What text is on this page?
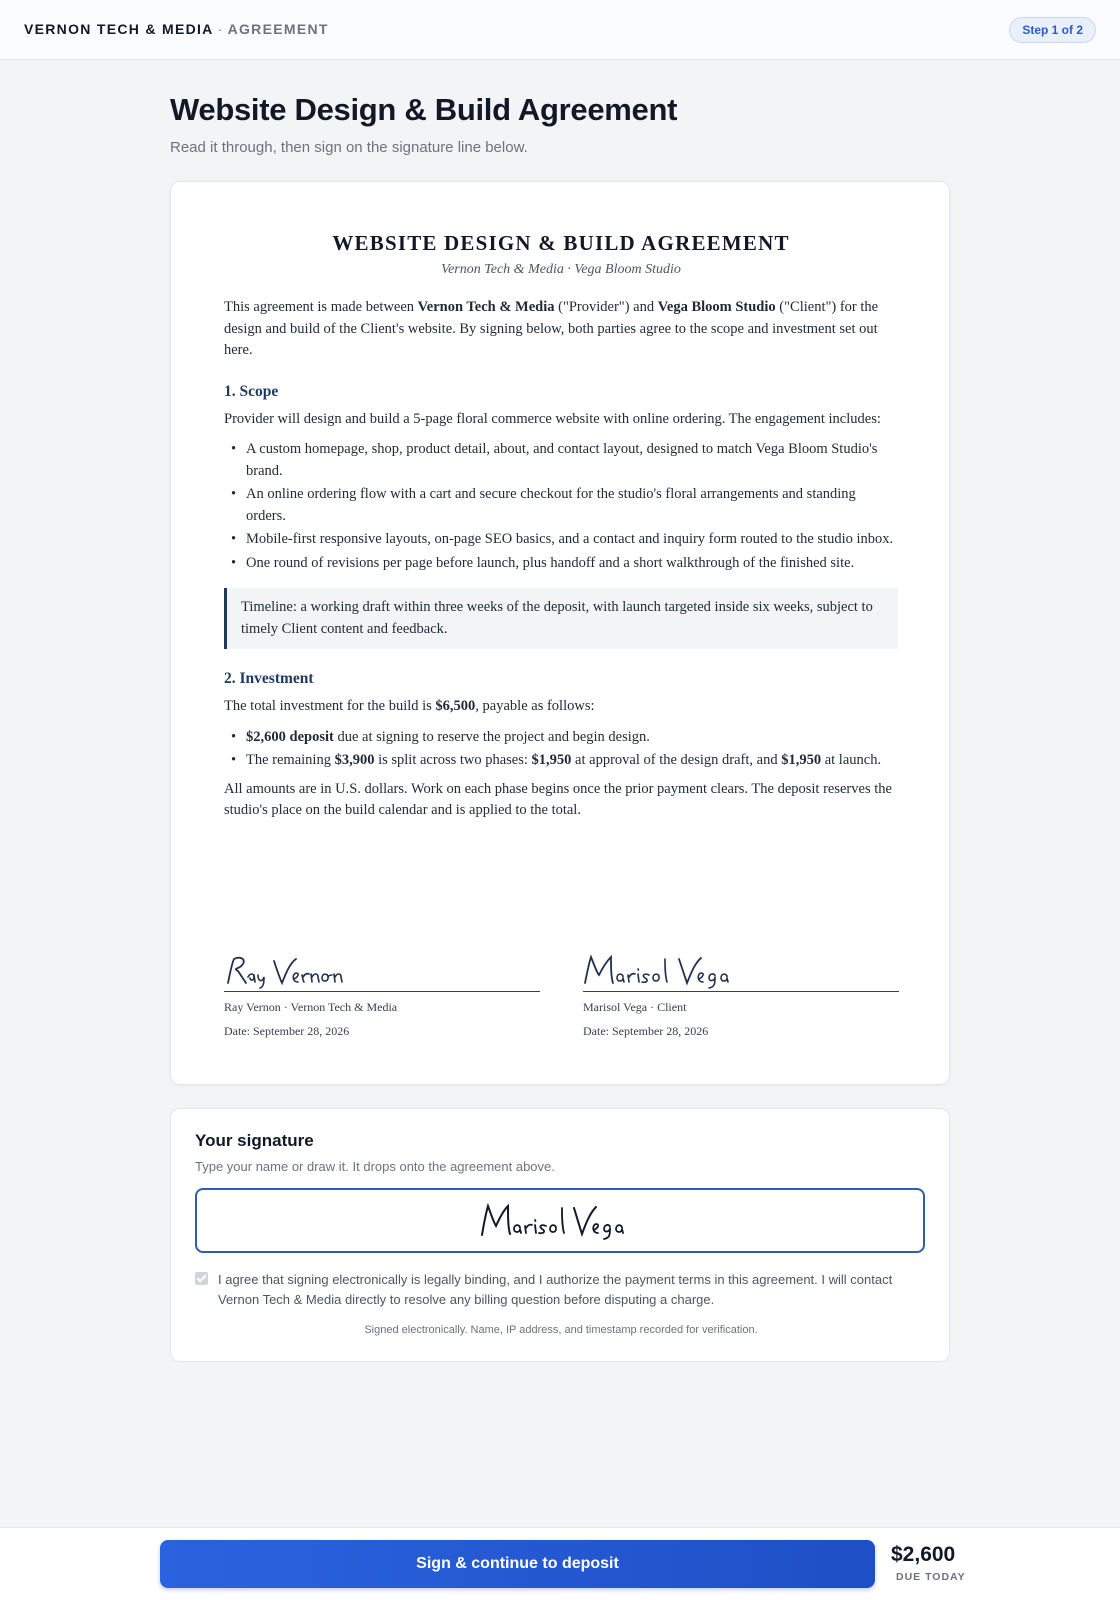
VERNON TECH & MEDIA · AGREEMENT	Step 1 of 2
Website Design & Build Agreement
Read it through, then sign on the signature line below.
WEBSITE DESIGN & BUILD AGREEMENT
Vernon Tech & Media · Vega Bloom Studio

This agreement is made between Vernon Tech & Media ("Provider") and Vega Bloom Studio ("Client") for the design and build of the Client's website. By signing below, both parties agree to the scope and investment set out here.

1. Scope

Provider will design and build a 5-page floral commerce website with online ordering. The engagement includes:

• A custom homepage, shop, product detail, about, and contact layout, designed to match Vega Bloom Studio's brand.
• An online ordering flow with a cart and secure checkout for the studio's floral arrangements and standing orders.
• Mobile-first responsive layouts, on-page SEO basics, and a contact and inquiry form routed to the studio inbox.
• One round of revisions per page before launch, plus handoff and a short walkthrough of the finished site.
Timeline: a working draft within three weeks of the deposit, with launch targeted inside six weeks, subject to timely Client content and feedback.
2. Investment

The total investment for the build is $6,500, payable as follows:

• $2,600 deposit due at signing to reserve the project and begin design.
• The remaining $3,900 is split across two phases: $1,950 at approval of the design draft, and $1,950 at launch.

All amounts are in U.S. dollars. Work on each phase begins once the prior payment clears. The deposit reserves the studio's place on the build calendar and is applied to the total.

Ray Vernon · Vernon Tech & Media
Date: September 28, 2026
Marisol Vega · Client
Date: September 28, 2026
Your signature
Type your name or draw it. It drops onto the agreement above.
I agree that signing electronically is legally binding, and I authorize the payment terms in this agreement. I will contact Vernon Tech & Media directly to resolve any billing question before disputing a charge.
Signed electronically. Name, IP address, and timestamp recorded for verification.
Sign & continue to deposit	$2,600
DUE TODAY
